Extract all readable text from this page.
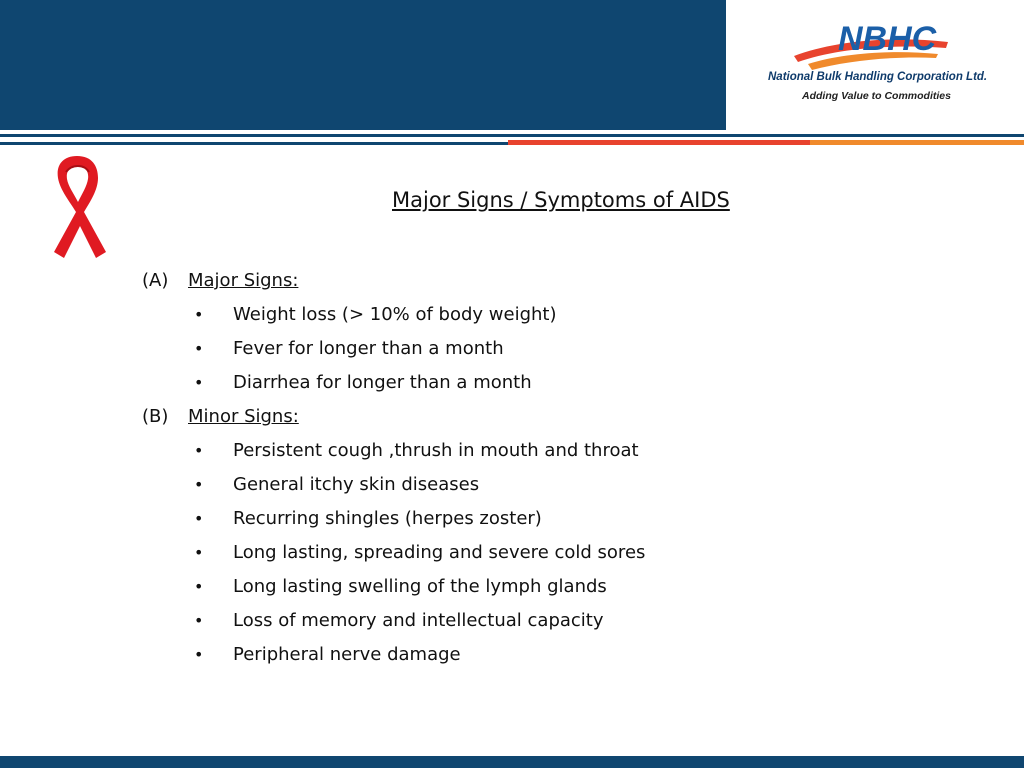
NBHC
National Bulk Handling Corporation Ltd.
Adding Value to Commodities
Major Signs / Symptoms of AIDS
(A) Major Signs:
• Weight loss (> 10% of body weight)
• Fever for longer than a month
• Diarrhea for longer than a month
(B) Minor Signs:
• Persistent cough ,thrush in mouth and throat
• General itchy skin diseases
• Recurring shingles (herpes zoster)
• Long lasting, spreading and severe cold sores
• Long lasting swelling of the lymph glands
• Loss of memory and intellectual capacity
• Peripheral nerve damage
